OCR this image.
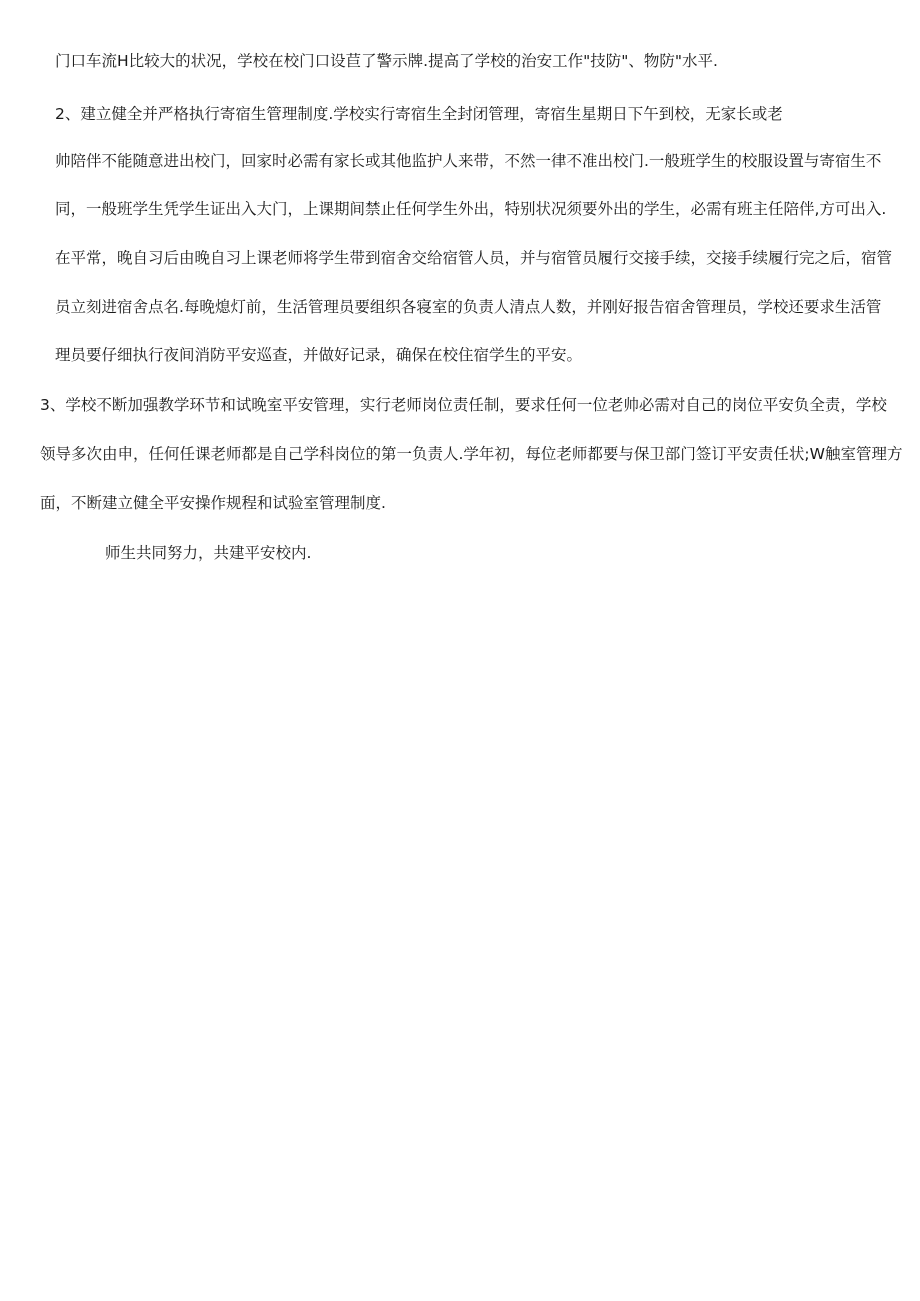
门口车流H比较大的状况，学校在校门口设苣了警示牌.提高了学校的治安工作"技防"、物防"水平.
2、建立健全并严格执行寄宿生管理制度.学校实行寄宿生全封闭管理，寄宿生星期日下午到校，无家长或老
帅陪伴不能随意进出校门，回家时必需有家长或其他监护人来带，不然一律不准出校门.一般班学生的校服设置与寄宿生不
同，一般班学生凭学生证出入大门，上课期间禁止任何学生外出，特别状况须要外出的学生，必需有班主任陪伴,方可出入.
在平常，晚自习后由晚自习上课老师将学生带到宿舍交给宿管人员，并与宿管员履行交接手续，交接手续履行完之后，宿管
员立刻进宿舍点名.每晚熄灯前，生活管理员要组织各寝室的负责人清点人数，并刚好报告宿舍管理员，学校还要求生活管
理员要仔细执行夜间消防平安巡查，并做好记录，确保在校住宿学生的平安。
3、学校不断加强教学环节和试晚室平安管理，实行老师岗位责任制，要求任何一位老帅必需对自己的岗位平安负全责，学校
领导多次由申，任何任课老师都是自己学科岗位的第一负责人.学年初，每位老师都要与保卫部门签订平安责任状;W触室管理方
面，不断建立健全平安操作规程和试验室管理制度.
师生共同努力，共建平安校内.
